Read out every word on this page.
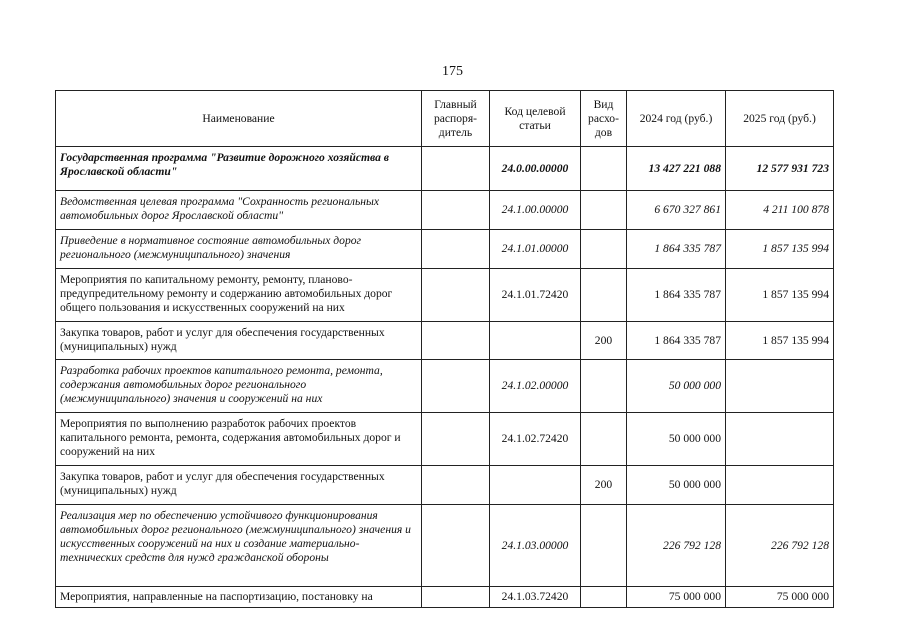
175
Наименование	Главный распоря-дитель	Код целевой статьи	Вид расхо-дов	2024 год (руб.)	2025 год (руб.)
Государственная программа "Развитие дорожного хозяйства в Ярославской области"		24.0.00.00000		13 427 221 088	12 577 931 723
Ведомственная целевая программа "Сохранность региональных автомобильных дорог Ярославской области"		24.1.00.00000		6 670 327 861	4 211 100 878
Приведение в нормативное состояние автомобильных дорог регионального (межмуниципального) значения		24.1.01.00000		1 864 335 787	1 857 135 994
Мероприятия по капитальному ремонту, ремонту, планово-предупредительному ремонту и содержанию автомобильных дорог общего пользования и искусственных сооружений на них		24.1.01.72420		1 864 335 787	1 857 135 994
Закупка товаров, работ и услуг для обеспечения государственных (муниципальных) нужд			200	1 864 335 787	1 857 135 994
Разработка рабочих проектов капитального ремонта, ремонта, содержания автомобильных дорог регионального (межмуниципального) значения и сооружений на них		24.1.02.00000		50 000 000	
Мероприятия по выполнению разработок рабочих проектов капитального ремонта, ремонта, содержания автомобильных дорог и сооружений на них		24.1.02.72420		50 000 000	
Закупка товаров, работ и услуг для обеспечения государственных (муниципальных) нужд			200	50 000 000	
Реализация мер по обеспечению устойчивого функционирования автомобильных дорог регионального (межмуниципального) значения и искусственных сооружений на них и создание материально-технических средств для нужд гражданской обороны		24.1.03.00000		226 792 128	226 792 128
Мероприятия, направленные на паспортизацию, постановку на		24.1.03.72420		75 000 000	75 000 000
